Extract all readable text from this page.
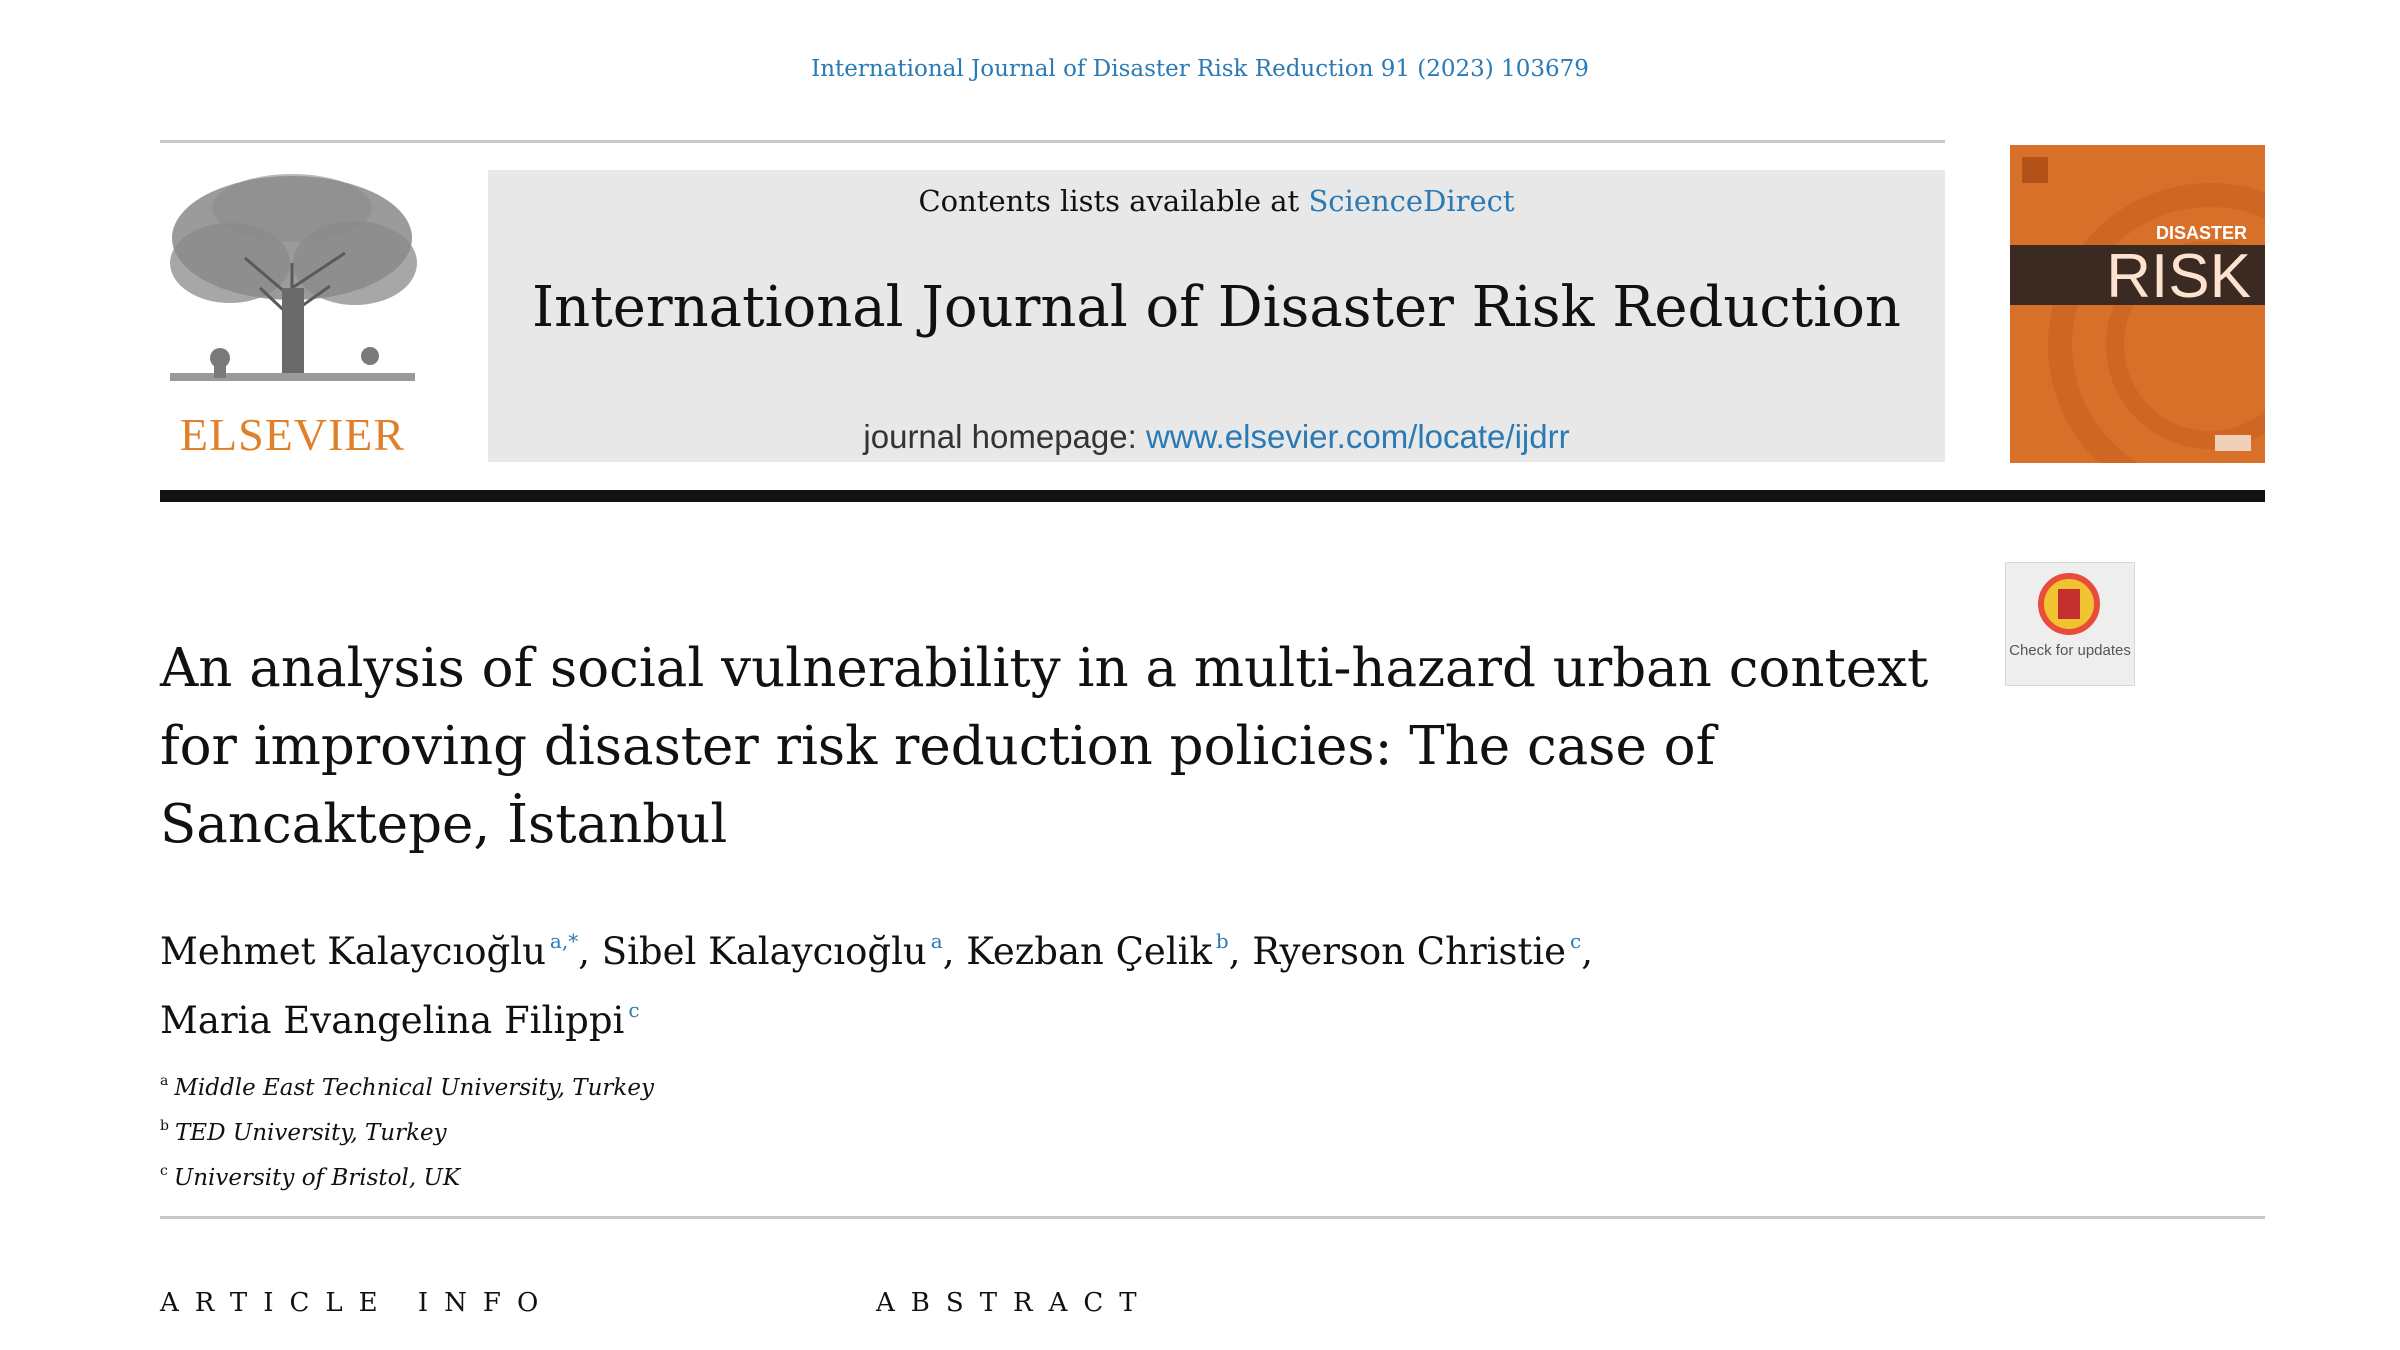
International Journal of Disaster Risk Reduction 91 (2023) 103679
ELSEVIER
Contents lists available at ScienceDirect
International Journal of Disaster Risk Reduction
journal homepage: www.elsevier.com/locate/ijdrr
DISASTER
RISK
Check for updates
An analysis of social vulnerability in a multi-hazard urban context for improving disaster risk reduction policies: The case of Sancaktepe, İstanbul
Mehmet Kalaycıoğlu $^{a,*}$, Sibel Kalaycıoğlu $^a$, Kezban Çelik $^b$, Ryerson Christie $^c$,
Maria Evangelina Filippi $^c$
$^a$ Middle East Technical University, Turkey
$^b$ TED University, Turkey
$^c$ University of Bristol, UK
ARTICLE INFO	ABSTRACT
